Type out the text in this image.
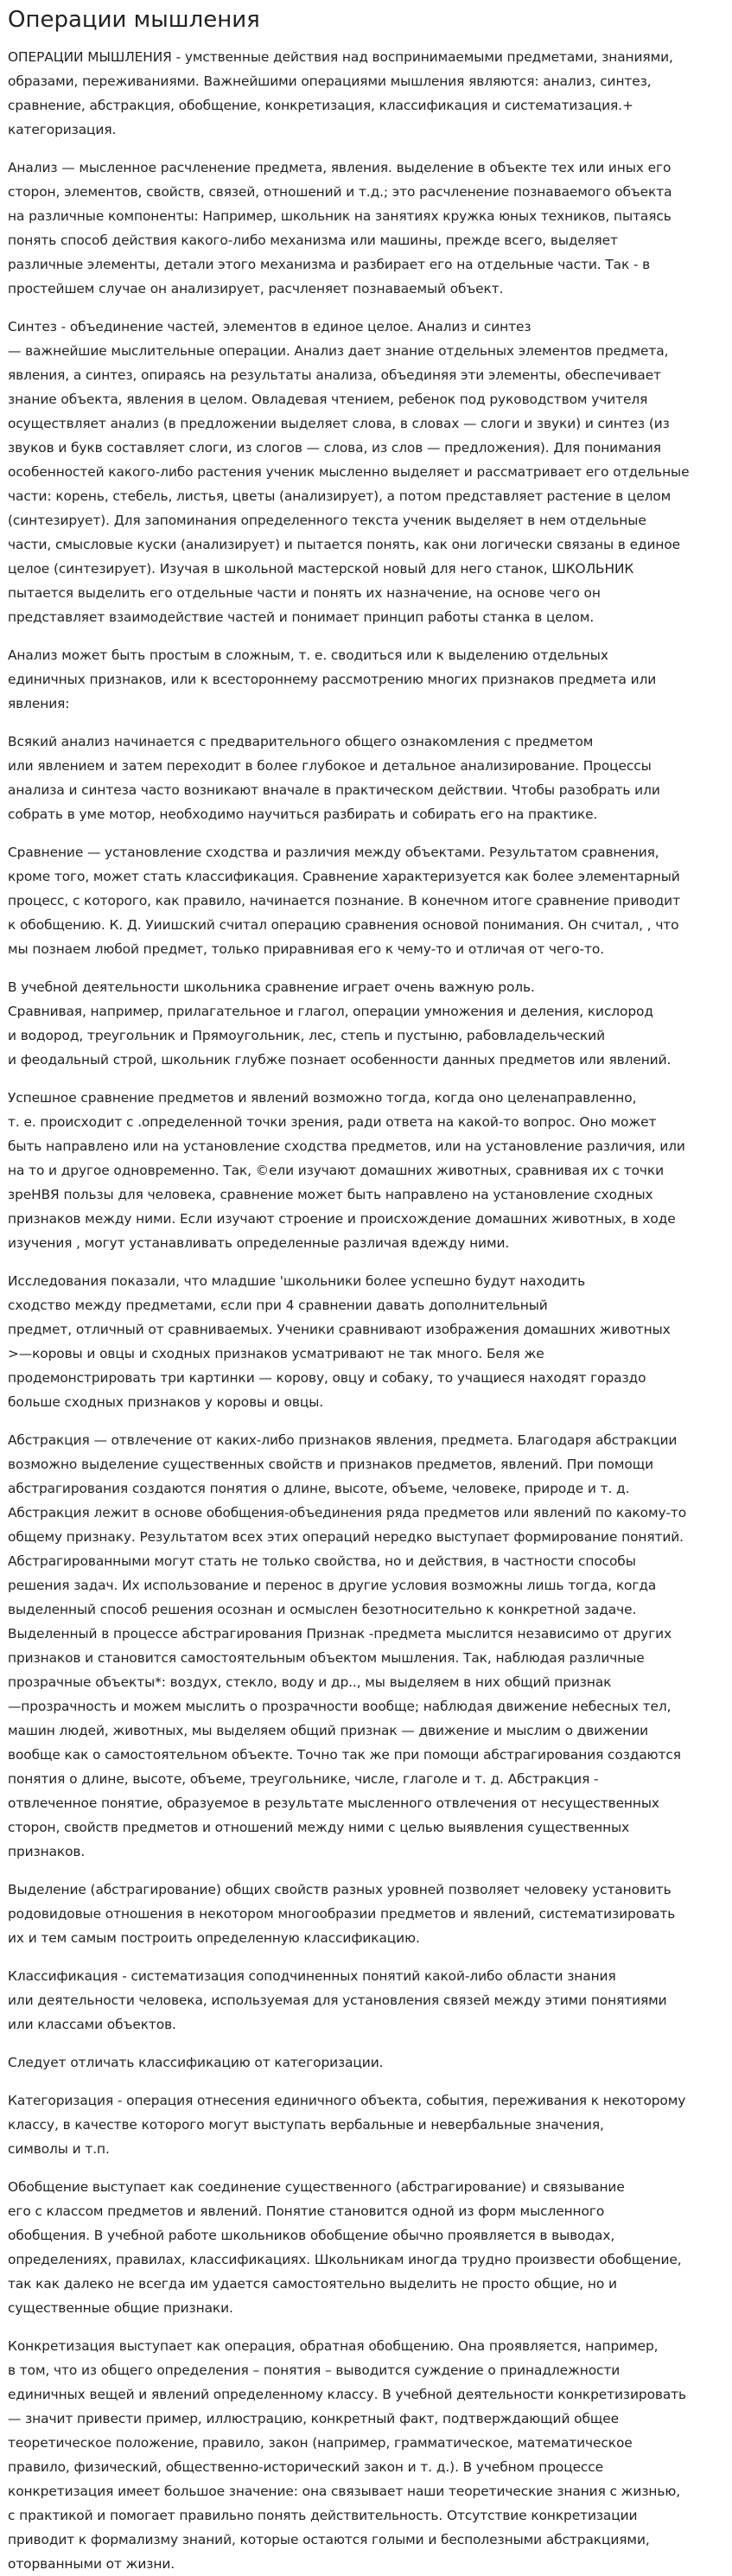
Операции мышления

ОПЕРАЦИИ МЫШЛЕНИЯ - умственные действия над воспринимаемыми предметами, знаниями,
образами, переживаниями. Важнейшими операциями мышления являются: анализ, синтез,
сравнение, абстракция, обобщение, конкретизация, классификация и систематизация.+
категоризация.

Анализ — мысленное расчленение предмета, явления. выделение в объекте тех или иных его
сторон, элементов, свойств, связей, отношений и т.д.; это расчленение познаваемого объекта
на различные компоненты: Например, школьник на занятиях кружка юных техников, пытаясь
понять способ действия какого-либо механизма или машины, прежде всего, выделяет
различные элементы, детали этого механизма и разбирает его на отдельные части. Так - в
простейшем случае он анализирует, расчленяет познаваемый объект.

Синтез - объединение частей, элементов в единое целое. Анализ и синтез
— важнейшие мыслительные операции. Анализ дает знание отдельных элементов предмета,
явления, а синтез, опираясь на результаты анализа, объединяя эти элементы, обеспечивает
знание объекта, явления в целом. Овладевая чтением, ребенок под руководством учителя
осуществляет анализ (в предложении выделяет слова, в словах — слоги и звуки) и синтез (из
звуков и букв составляет слоги, из слогов — слова, из слов — предложения). Для понимания
особенностей какого-либо растения ученик мысленно выделяет и рассматривает его отдельные
части: корень, стебель, листья, цветы (анализирует), а потом представляет растение в целом
(синтезирует). Для запоминания определенного текста ученик выделяет в нем отдельные
части, смысловые куски (анализирует) и пытается понять, как они логически связаны в единое
целое (синтезирует). Изучая в школьной мастерской новый для него станок, ШКОЛЬНИК
пытается выделить его отдельные части и понять их назначение, на основе чего он
представляет взаимодействие частей и понимает принцип работы станка в целом.

Анализ может быть простым в сложным, т. е. сводиться или к выделению отдельных
единичных признаков, или к всестороннему рассмотрению многих признаков предмета или
явления:

Всякий анализ начинается с предварительного общего ознакомления с предметом
или явлением и затем переходит в более глубокое и детальное анализирование. Процессы
анализа и синтеза часто возникают вначале в практическом действии. Чтобы разобрать или
собрать в уме мотор, необходимо научиться разбирать и собирать его на практике.

Сравнение — установление сходства и различия между объектами. Результатом сравнения,
кроме того, может стать классификация. Сравнение характеризуется как более элементарный
процесс, с которого, как правило, начинается познание. В конечном итоге сравнение приводит
к обобщению. К. Д. Уиишский считал операцию сравнения основой понимания. Он считал, , что
мы познаем любой предмет, только приравнивая его к чему-то и отличая от чего-то.

В учебной деятельности школьника сравнение играет очень важную роль.
Сравнивая, например, прилагательное и глагол, операции умножения и деления, кислород
и водород, треугольник и Прямоугольник, лес, степь и пустыню, рабовладельческий
и феодальный строй, школьник глубже познает особенности данных предметов или явлений.

Успешное сравнение предметов и явлений возможно тогда, когда оно целенаправленно,
т. е. происходит с .определенной точки зрения, ради ответа на какой-то вопрос. Оно может
быть направлено или на установление сходства предметов, или на установление различия, или
на то и другое одновременно. Так, ©ели изучают домашних животных, сравнивая их с точки
зреНВЯ пользы для человека, сравнение может быть направлено на установление сходных
признаков между ними. Если изучают строение и происхождение домашних животных, в ходе
изучения , могут устанавливать определенные различая вдежду ними.

Исследования показали, что младшие 'школьники более успешно будут находить
сходство между предметами, єсли при 4 сравнении давать дополнительный
предмет, отличный от сравниваемых. Ученики сравнивают изображения домашних животных
>—коровы и овцы и сходных признаков усматривают не так много. Беля же
продемонстрировать три картинки — корову, овцу и собаку, то учащиеся находят гораздо
больше сходных признаков у коровы и овцы.

Абстракция — отвлечение от каких-либо признаков явления, предмета. Благодаря абстракции
возможно выделение существенных свойств и признаков предметов, явлений. При помощи
абстрагирования создаются понятия о длине, высоте, объеме, человеке, природе и т. д.
Абстракция лежит в основе обобщения-объединения ряда предметов или явлений по какому-то
общему признаку. Результатом всех этих операций нередко выступает формирование понятий.
Абстрагированными могут стать не только свойства, но и действия, в частности способы
решения задач. Их использование и перенос в другие условия возможны лишь тогда, когда
выделенный способ решения осознан и осмыслен безотносительно к конкретной задаче.
Выделенный в процессе абстрагирования Признак -предмета мыслится независимо от других
признаков и становится самостоятельным объектом мышления. Так, наблюдая различные
прозрачные объекты*: воздух, стекло, воду и др.., мы выделяем в них общий признак
—прозрачность и можем мыслить о прозрачности вообще; наблюдая движение небесных тел,
машин людей, животных, мы выделяем общий признак — движение и мыслим о движении
вообще как о самостоятельном объекте. Точно так же при помощи абстрагирования создаются
понятия о длине, высоте, объеме, треугольнике, числе, глаголе и т. д. Абстракция -
отвлеченное понятие, образуемое в результате мысленного отвлечения от несущественных
сторон, свойств предметов и отношений между ними с целью выявления существенных
признаков.

Выделение (абстрагирование) общих свойств разных уровней позволяет человеку установить
родовидовые отношения в некотором многообразии предметов и явлений, систематизировать
их и тем самым построить определенную классификацию.

Классификация - систематизация соподчиненных понятий какой-либо области знания
или деятельности человека, используемая для установления связей между этими понятиями
или классами объектов.

Следует отличать классификацию от категоризации.

Категоризация - операция отнесения единичного объекта, события, переживания к некоторому
классу, в качестве которого могут выступать вербальные и невербальные значения,
символы и т.п.

Обобщение выступает как соединение существенного (абстрагирование) и связывание
его с классом предметов и явлений. Понятие становится одной из форм мысленного
обобщения. В учебной работе школьников обобщение обычно проявляется в выводах,
определениях, правилах, классификациях. Школьникам иногда трудно произвести обобщение,
так как далеко не всегда им удается самостоятельно выделить не просто общие, но и
существенные общие признаки.

Конкретизация выступает как операция, обратная обобщению. Она проявляется, например,
в том, что из общего определения – понятия – выводится суждение о принадлежности
единичных вещей и явлений определенному классу. В учебной деятельности конкретизировать
— значит привести пример, иллюстрацию, конкретный факт, подтверждающий общее
теоретическое положение, правило, закон (например, грамматическое, математическое
правило, физический, общественно-исторический закон и т. д.). В учебном процессе
конкретизация имеет большое значение: она связывает наши теоретические знания с жизнью,
с практикой и помогает правильно понять действительность. Отсутствие конкретизации
приводит к формализму знаний, которые остаются голыми и бесполезными абстракциями,
оторванными от жизни.
